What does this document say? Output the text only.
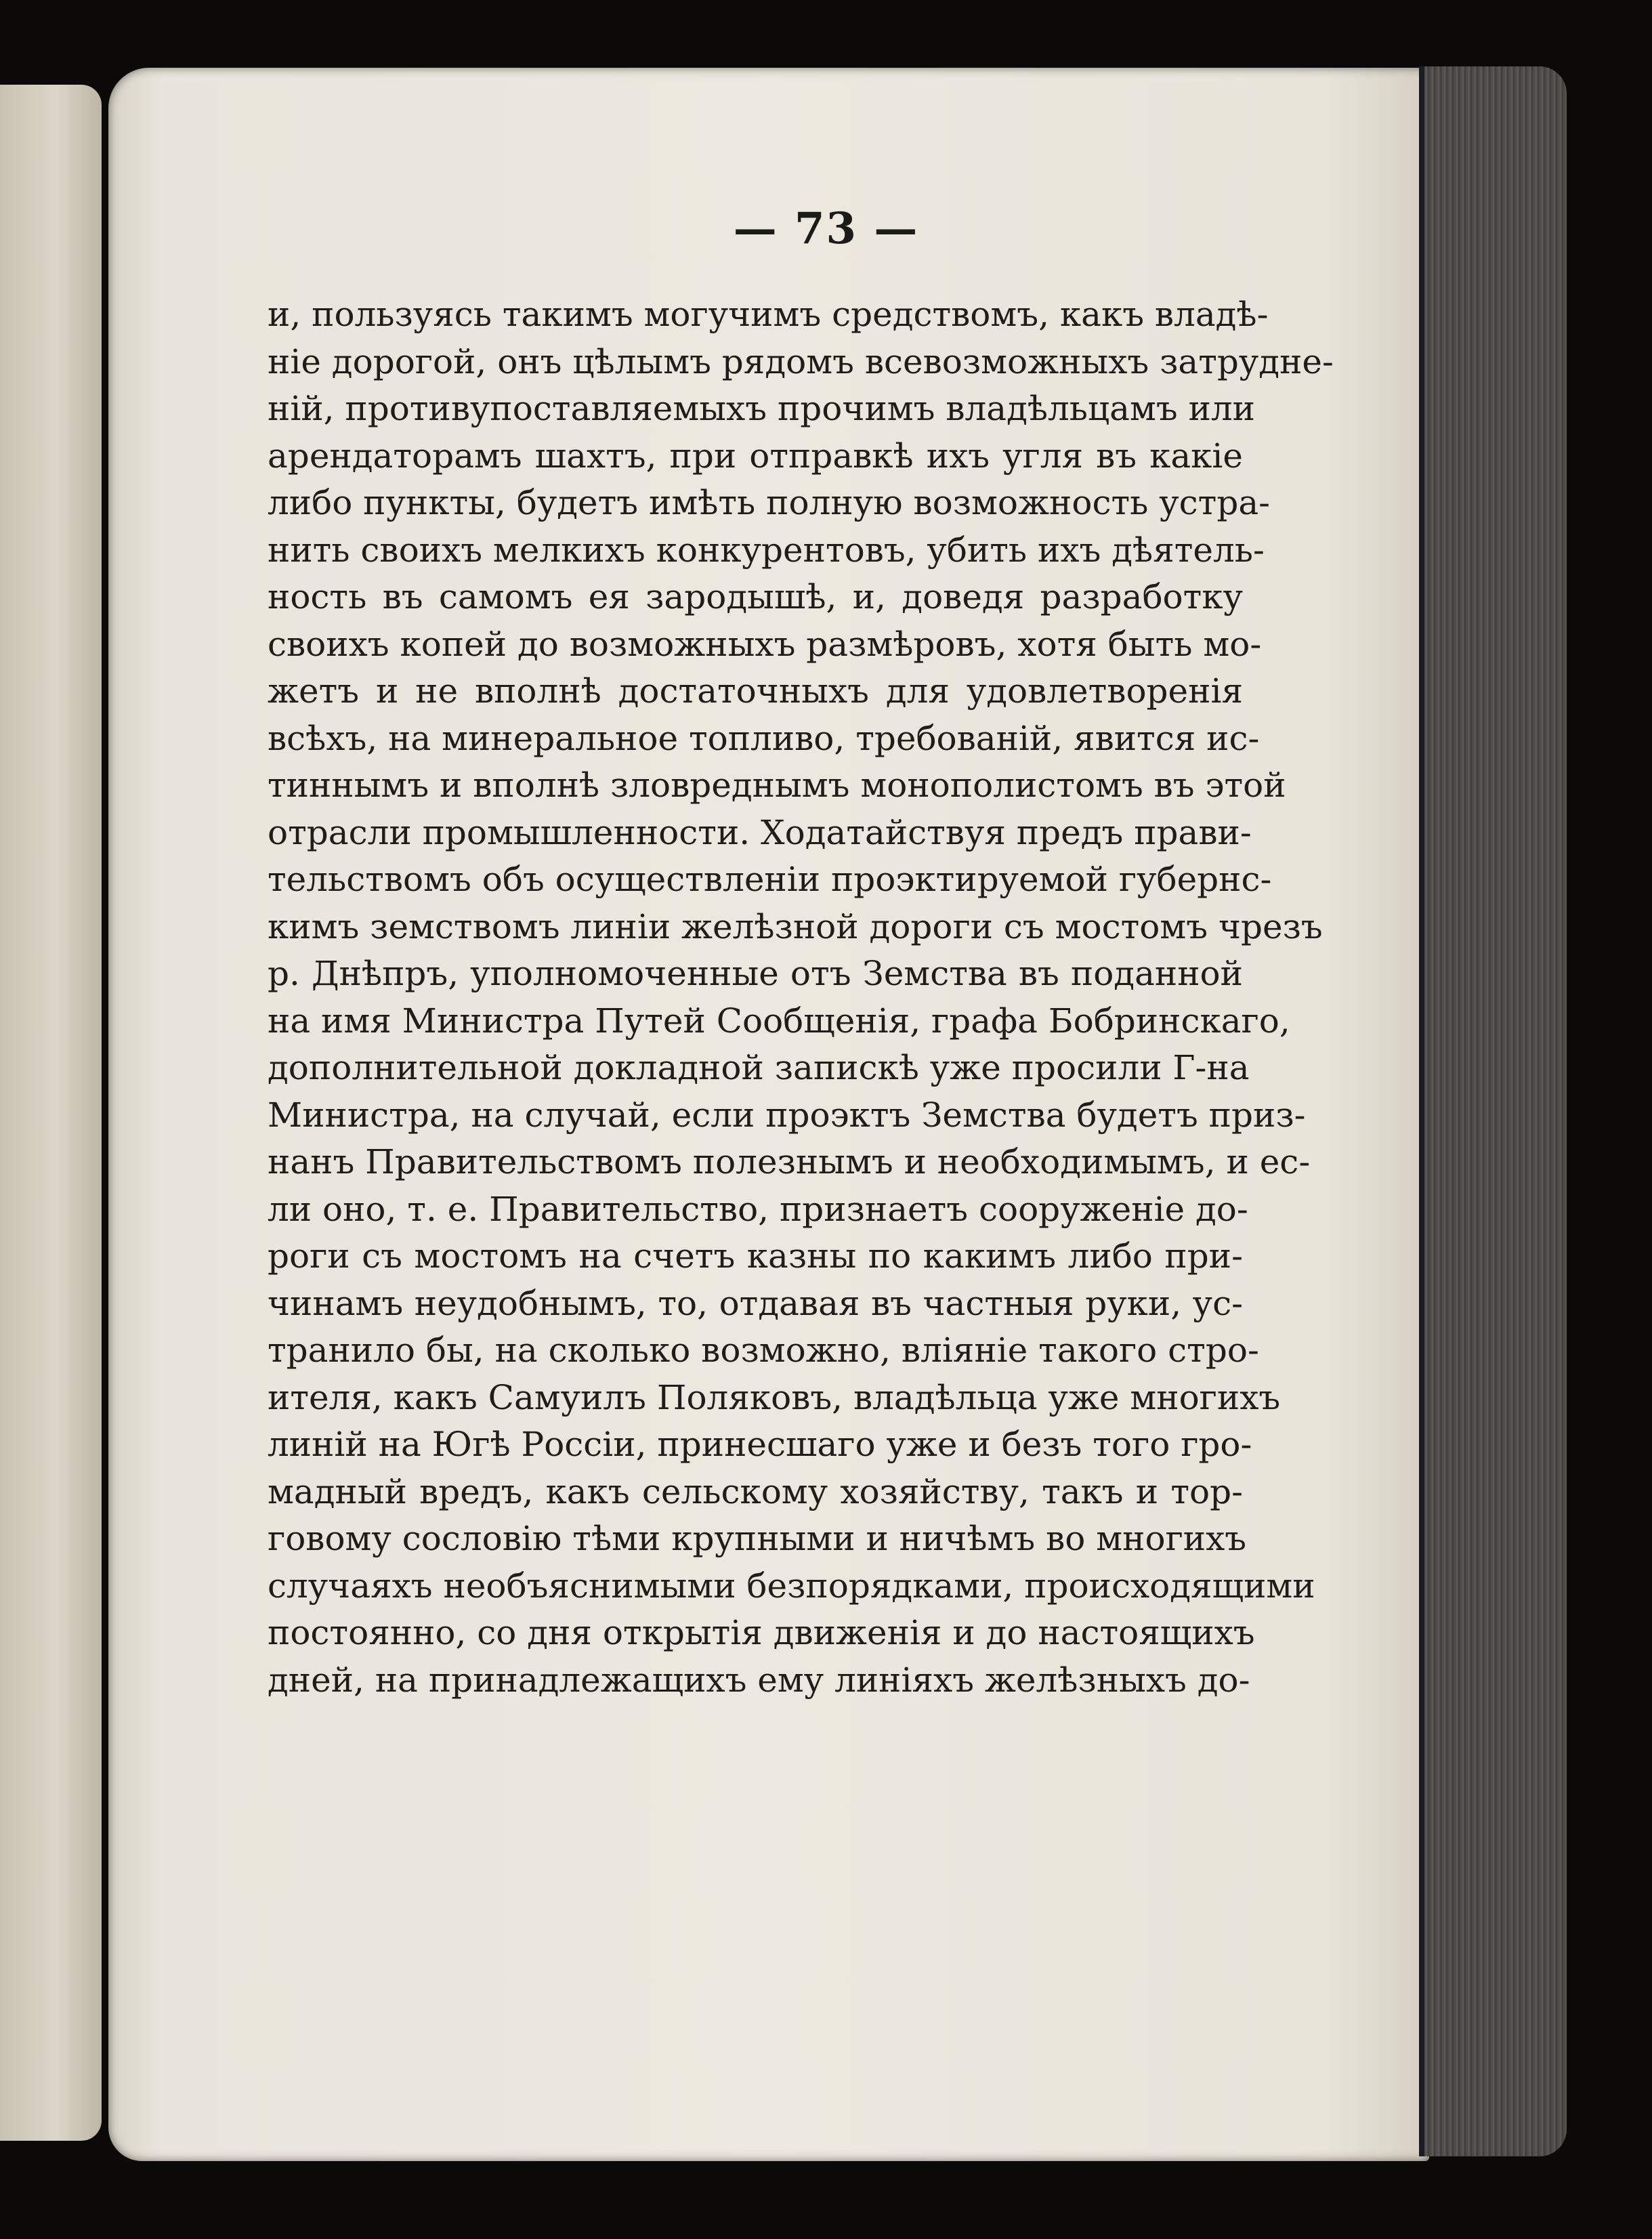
— 73 —
и, пользуясь такимъ могучимъ средствомъ, какъ владѣ-
ніе дорогой, онъ цѣлымъ рядомъ всевозможныхъ затрудне-
ній, противупоставляемыхъ прочимъ владѣльцамъ или
арендаторамъ шахтъ, при отправкѣ ихъ угля въ какіе
либо пункты, будетъ имѣть полную возможность устра-
нить своихъ мелкихъ конкурентовъ, убить ихъ дѣятель-
ность въ самомъ ея зародышѣ, и, доведя разработку
своихъ копей до возможныхъ размѣровъ, хотя быть мо-
жетъ и не вполнѣ достаточныхъ для удовлетворенія
всѣхъ, на минеральное топливо, требованій, явится ис-
тиннымъ и вполнѣ зловреднымъ монополистомъ въ этой
отрасли промышленности. Ходатайствуя предъ прави-
тельствомъ объ осуществленіи проэктируемой губернс-
кимъ земствомъ линіи желѣзной дороги съ мостомъ чрезъ
р. Днѣпръ, уполномоченные отъ Земства въ поданной
на имя Министра Путей Сообщенія, графа Бобринскаго,
дополнительной докладной запискѣ уже просили Г-на
Министра, на случай, если проэктъ Земства будетъ приз-
нанъ Правительствомъ полезнымъ и необходимымъ, и ес-
ли оно, т. е. Правительство, признаетъ сооруженіе до-
роги съ мостомъ на счетъ казны по какимъ либо при-
чинамъ неудобнымъ, то, отдавая въ частныя руки, ус-
транило бы, на сколько возможно, вліяніе такого стро-
ителя, какъ Самуилъ Поляковъ, владѣльца уже многихъ
линій на Югѣ Россіи, принесшаго уже и безъ того гро-
мадный вредъ, какъ сельскому хозяйству, такъ и тор-
говому сословію тѣми крупными и ничѣмъ во многихъ
случаяхъ необъяснимыми безпорядками, происходящими
постоянно, со дня открытія движенія и до настоящихъ
дней, на принадлежащихъ ему линіяхъ желѣзныхъ до-
